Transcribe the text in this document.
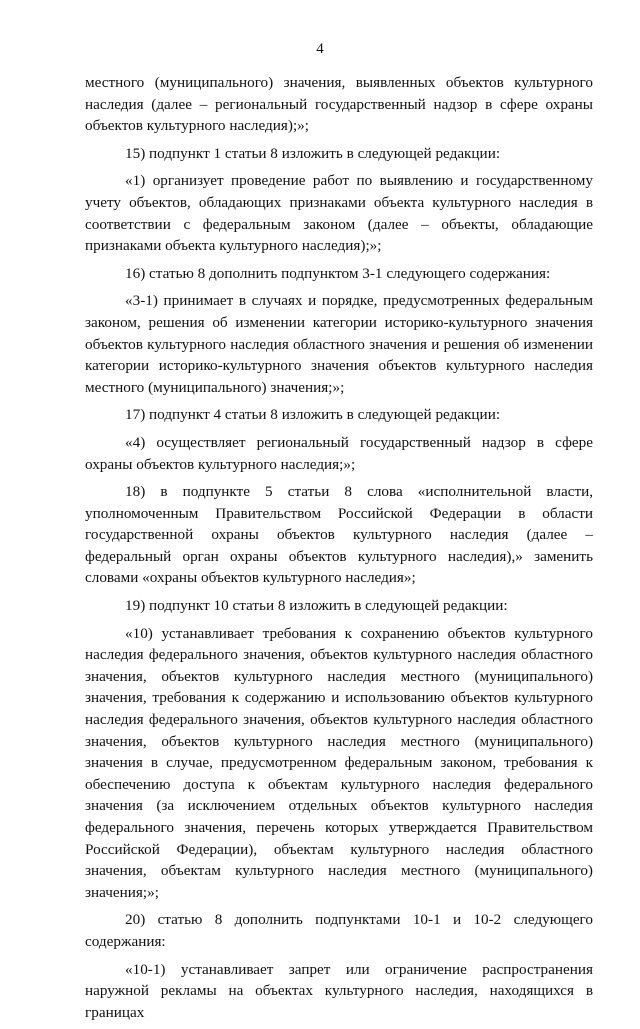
4

местного (муниципального) значения, выявленных объектов культурного наследия (далее – региональный государственный надзор в сфере охраны объектов культурного наследия);»;

15) подпункт 1 статьи 8 изложить в следующей редакции:

«1) организует проведение работ по выявлению и государственному учету объектов, обладающих признаками объекта культурного наследия в соответствии с федеральным законом (далее – объекты, обладающие признаками объекта культурного наследия);»;

16) статью 8 дополнить подпунктом 3-1 следующего содержания:

«3-1) принимает в случаях и порядке, предусмотренных федеральным законом, решения об изменении категории историко-культурного значения объектов культурного наследия областного значения и решения об изменении категории историко-культурного значения объектов культурного наследия местного (муниципального) значения;»;

17) подпункт 4 статьи 8 изложить в следующей редакции:

«4) осуществляет региональный государственный надзор в сфере охраны объектов культурного наследия;»;

18) в подпункте 5 статьи 8 слова «исполнительной власти, уполномоченным Правительством Российской Федерации в области государственной охраны объектов культурного наследия (далее – федеральный орган охраны объектов культурного наследия),» заменить словами «охраны объектов культурного наследия»;

19) подпункт 10 статьи 8 изложить в следующей редакции:

«10) устанавливает требования к сохранению объектов культурного наследия федерального значения, объектов культурного наследия областного значения, объектов культурного наследия местного (муниципального) значения, требования к содержанию и использованию объектов культурного наследия федерального значения, объектов культурного наследия областного значения, объектов культурного наследия местного (муниципального) значения в случае, предусмотренном федеральным законом, требования к обеспечению доступа к объектам культурного наследия федерального значения (за исключением отдельных объектов культурного наследия федерального значения, перечень которых утверждается Правительством Российской Федерации), объектам культурного наследия областного значения, объектам культурного наследия местного (муниципального) значения;»;

20) статью 8 дополнить подпунктами 10-1 и 10-2 следующего содержания:

«10-1) устанавливает запрет или ограничение распространения наружной рекламы на объектах культурного наследия, находящихся в границах
